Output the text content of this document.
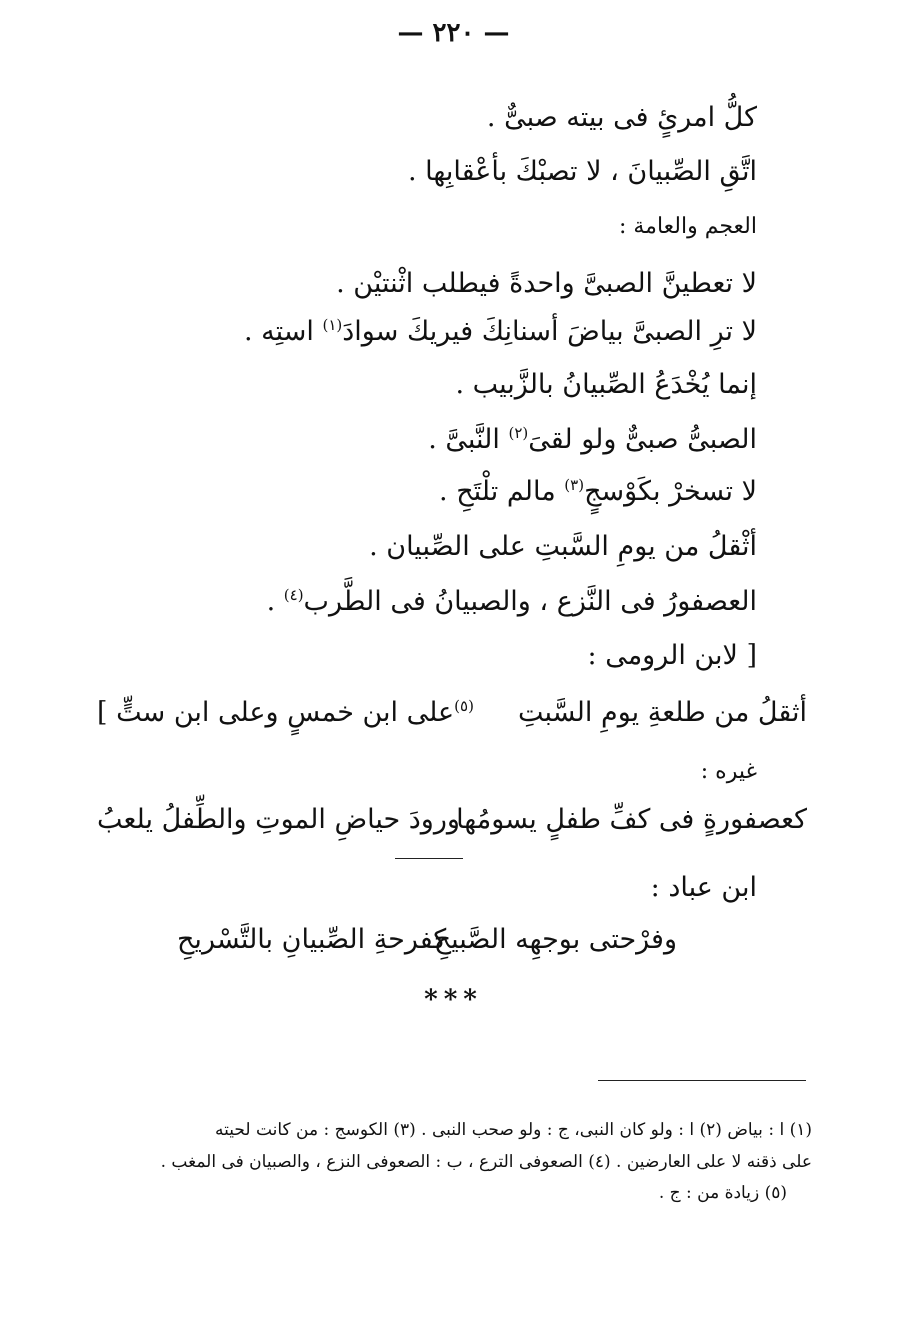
— ٢٢٠ —
كلُّ امرئٍ فى بيته صبىٌّ .
اتَّقِ الصِّبيانَ ، لا تصبْكَ بأعْقابِها .
العجم والعامة :
لا تعطينَّ الصبىَّ واحدةً فيطلب اثْنتيْن .
لا ترِ الصبىَّ بياضَ أسنانِكَ فيريكَ سوادَ$^{(١)}$ استِه .
إنما يُخْدَعُ الصِّبيانُ بالزَّبيب .
الصبىُّ صبىٌّ ولو لقىَ$^{(٢)}$ النَّبىَّ .
لا تسخرْ بكَوْسجٍ$^{(٣)}$ مالم تلْتَحِ .
أثْقلُ من يومِ السَّبتِ على الصِّبيان .
العصفورُ فى النَّزع ، والصبيانُ فى الطَّرب$^{(٤)}$ .
[ لابن الرومى :
أثقلُ من طلعةِ يومِ السَّبتِ
$^{(٥)}$على ابن خمسٍ وعلى ابن ستٍّ ]
غيره :
كعصفورةٍ فى كفِّ طفلٍ يسومُها
ورودَ حياضِ الموتِ والطِّفلُ يلعبُ
ابن عباد :
وفرْحتى بوجهِه الصَّبيحِ
كفرحةِ الصِّبيانِ بالتَّسْريحِ
***
(١) ا : بياض (٢) ا : ولو كان النبى، ج : ولو صحب النبى . (٣) الكوسج : من كانت لحيته
على ذقنه لا على العارضين . (٤) الصعوفى الترع ، ب : الصعوفى النزع ، والصبيان فى المغب .
(٥) زيادة من : ج .
